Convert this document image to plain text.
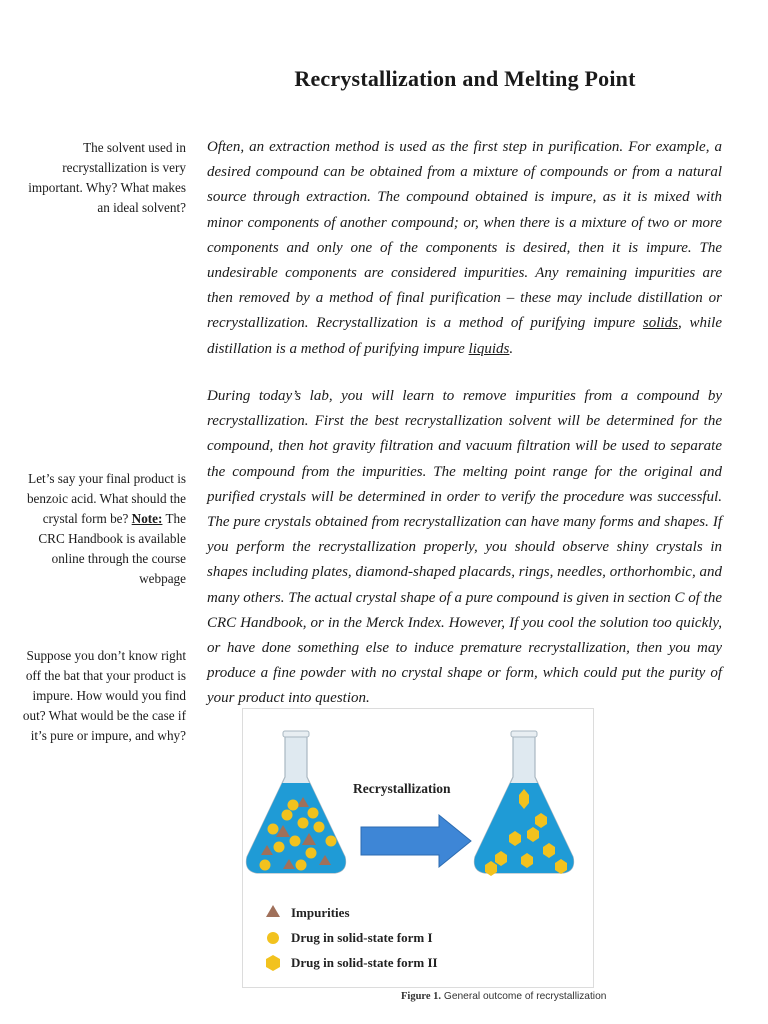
Recrystallization and Melting Point
The solvent used in recrystallization is very important. Why? What makes an ideal solvent?
Let’s say your final product is benzoic acid. What should the crystal form be? Note: The CRC Handbook is available online through the course webpage
Suppose you don’t know right off the bat that your product is impure. How would you find out? What would be the case if it’s pure or impure, and why?
Often, an extraction method is used as the first step in purification. For example, a desired compound can be obtained from a mixture of compounds or from a natural source through extraction. The compound obtained is impure, as it is mixed with minor components of another compound; or, when there is a mixture of two or more components and only one of the components is desired, then it is impure. The undesirable components are considered impurities. Any remaining impurities are then removed by a method of final purification – these may include distillation or recrystallization. Recrystallization is a method of purifying impure solids, while distillation is a method of purifying impure liquids.
During today’s lab, you will learn to remove impurities from a compound by recrystallization. First the best recrystallization solvent will be determined for the compound, then hot gravity filtration and vacuum filtration will be used to separate the compound from the impurities. The melting point range for the original and purified crystals will be determined in order to verify the procedure was successful. The pure crystals obtained from recrystallization can have many forms and shapes. If you perform the recrystallization properly, you should observe shiny crystals in shapes including plates, diamond-shaped placards, rings, needles, orthorhombic, and many others. The actual crystal shape of a pure compound is given in section C of the CRC Handbook, or in the Merck Index. However, If you cool the solution too quickly, or have done something else to induce premature recrystallization, then you may produce a fine powder with no crystal shape or form, which could put the purity of your product into question.
Recrystallization
Impurities
Drug in solid-state form I
Drug in solid-state form II
Figure 1. General outcome of recrystallization
